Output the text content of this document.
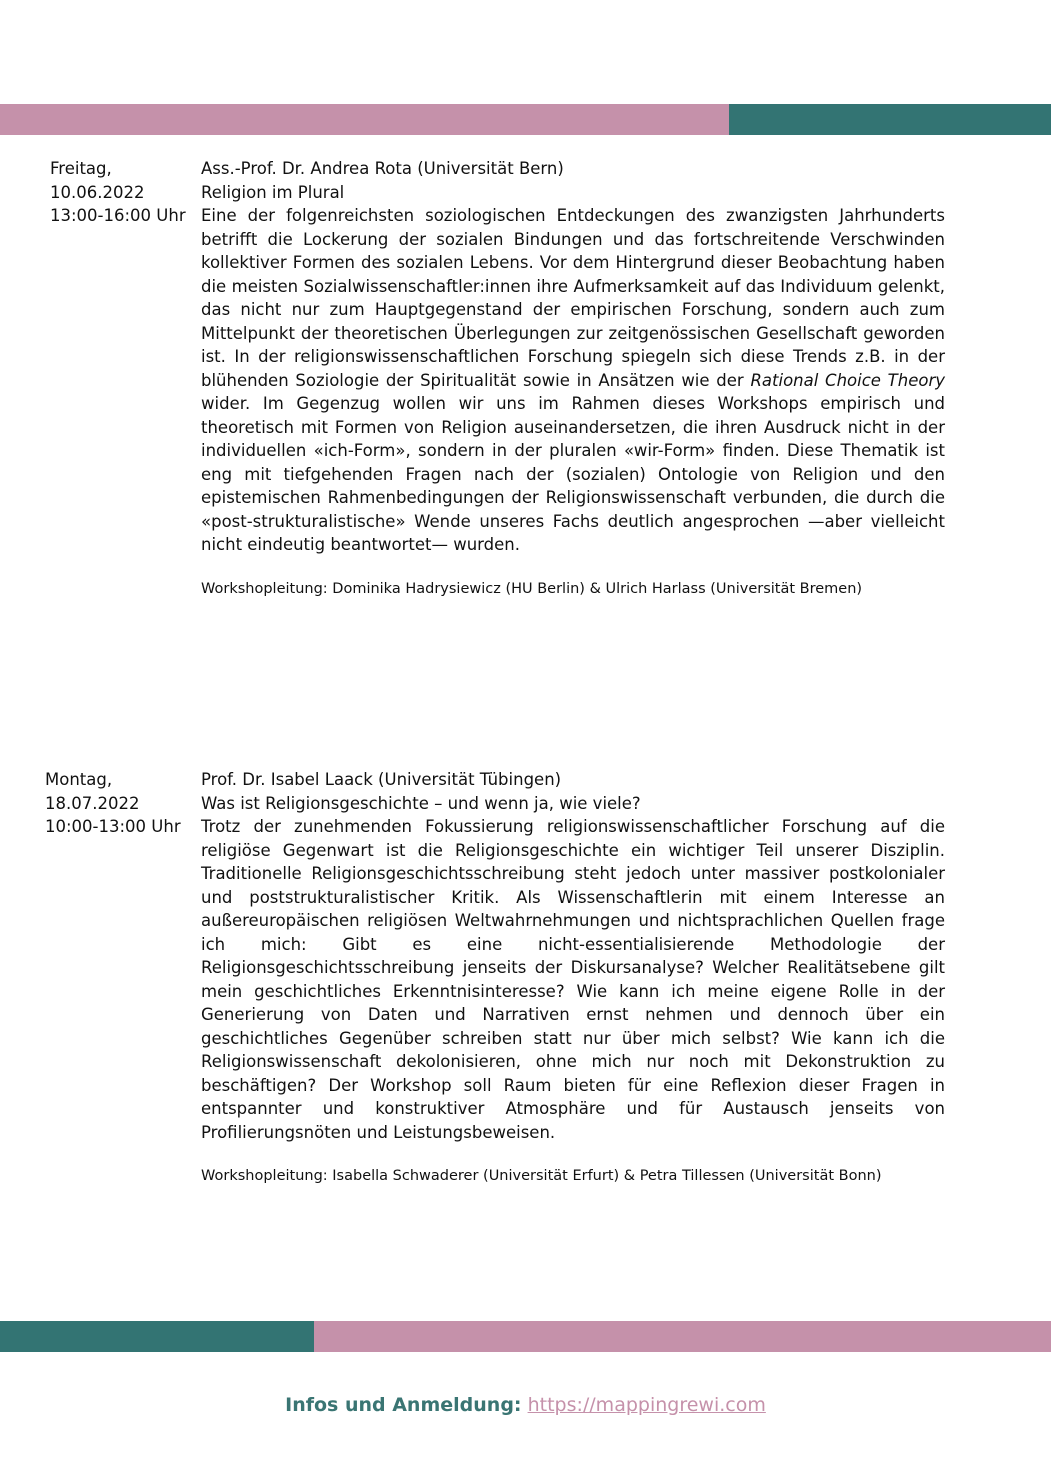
Freitag,
10.06.2022
13:00-16:00 Uhr
Ass.-Prof. Dr. Andrea Rota (Universität Bern)
Religion im Plural

Eine der folgenreichsten soziologischen Entdeckungen des zwanzigsten Jahrhunderts betrifft die Lockerung der sozialen Bindungen und das fortschreitende Verschwinden kollektiver Formen des sozialen Lebens. Vor dem Hintergrund dieser Beobachtung haben die meisten Sozialwissenschaftler:innen ihre Aufmerksamkeit auf das Individuum gelenkt, das nicht nur zum Hauptgegenstand der empirischen Forschung, sondern auch zum Mittelpunkt der theoretischen Überlegungen zur zeitgenössischen Gesellschaft geworden ist. In der religionswissenschaftlichen Forschung spiegeln sich diese Trends z.B. in der blühenden Soziologie der Spiritualität sowie in Ansätzen wie der Rational Choice Theory wider. Im Gegenzug wollen wir uns im Rahmen dieses Workshops empirisch und theoretisch mit Formen von Religion auseinandersetzen, die ihren Ausdruck nicht in der individuellen «ich-Form», sondern in der pluralen «wir-Form» finden. Diese Thematik ist eng mit tiefgehenden Fragen nach der (sozialen) Ontologie von Religion und den epistemischen Rahmenbedingungen der Religionswissenschaft verbunden, die durch die «post-strukturalistische» Wende unseres Fachs deutlich angesprochen —aber vielleicht nicht eindeutig beantwortet— wurden.

Workshopleitung: Dominika Hadrysiewicz (HU Berlin) & Ulrich Harlass (Universität Bremen)

Montag,
18.07.2022
10:00-13:00 Uhr
Prof. Dr. Isabel Laack (Universität Tübingen)
Was ist Religionsgeschichte – und wenn ja, wie viele?

Trotz der zunehmenden Fokussierung religionswissenschaftlicher Forschung auf die religiöse Gegenwart ist die Religionsgeschichte ein wichtiger Teil unserer Disziplin. Traditionelle Religionsgeschichtsschreibung steht jedoch unter massiver postkolonialer und poststrukturalistischer Kritik. Als Wissenschaftlerin mit einem Interesse an außereuropäischen religiösen Weltwahrnehmungen und nichtsprachlichen Quellen frage ich mich: Gibt es eine nicht-essentialisierende Methodologie der Religionsgeschichtsschreibung jenseits der Diskursanalyse? Welcher Realitätsebene gilt mein geschichtliches Erkenntnisinteresse? Wie kann ich meine eigene Rolle in der Generierung von Daten und Narrativen ernst nehmen und dennoch über ein geschichtliches Gegenüber schreiben statt nur über mich selbst? Wie kann ich die Religionswissenschaft dekolonisieren, ohne mich nur noch mit Dekonstruktion zu beschäftigen? Der Workshop soll Raum bieten für eine Reflexion dieser Fragen in entspannter und konstruktiver Atmosphäre und für Austausch jenseits von Profilierungsnöten und Leistungsbeweisen.

Workshopleitung: Isabella Schwaderer (Universität Erfurt) & Petra Tillessen (Universität Bonn)

Infos und Anmeldung: https://mappingrewi.com
